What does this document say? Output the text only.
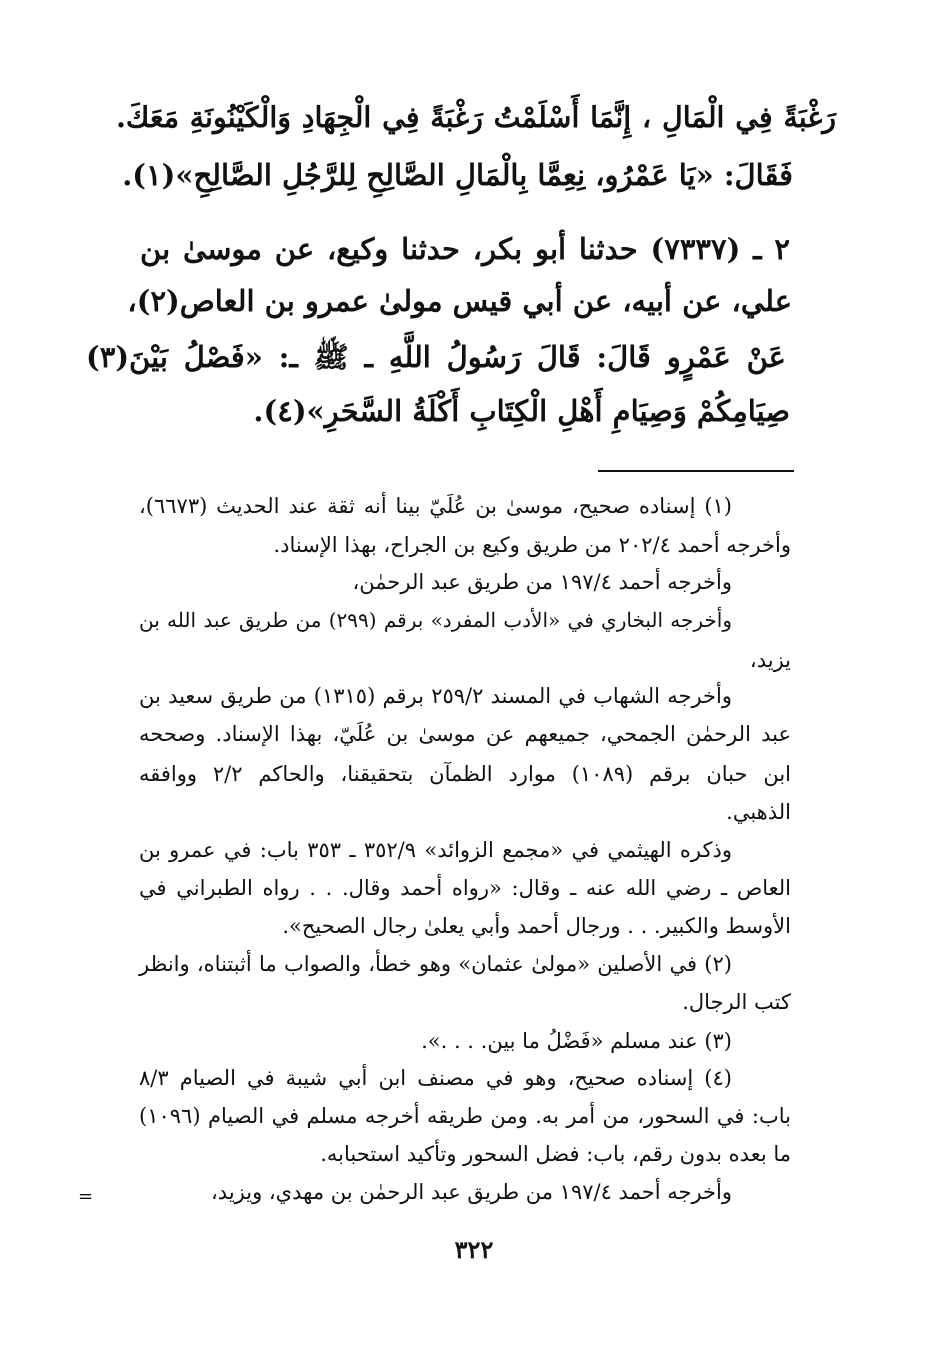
رَغْبَةً فِي الْمَالِ ، إِنَّمَا أَسْلَمْتُ رَغْبَةً فِي الْجِهَادِ وَالْكَيْنُونَةِ مَعَكَ.
فَقَالَ: «يَا عَمْرُو، نِعِمَّا بِالْمَالِ الصَّالِحِ لِلرَّجُلِ الصَّالِحِ»(١).
٢ ـ (٧٣٣٧) حدثنا أبو بكر، حدثنا وكيع، عن موسىٰ بن
علي، عن أبيه، عن أبي قيس مولىٰ عمرو بن العاص(٢)،
عَنْ عَمْرٍو قَالَ: قَالَ رَسُولُ اللَّهِ ـ ﷺ ـ: «فَصْلُ بَيْنَ(٣)
صِيَامِكُمْ وَصِيَامِ أَهْلِ الْكِتَابِ أَكْلَةُ السَّحَرِ»(٤).
(١) إسناده صحيح، موسىٰ بن عُلَيّ بينا أنه ثقة عند الحديث (٦٦٧٣)،
وأخرجه أحمد ٢٠٢/٤ من طريق وكيع بن الجراح، بهذا الإسناد.
وأخرجه أحمد ١٩٧/٤ من طريق عبد الرحمٰن،
وأخرجه البخاري في «الأدب المفرد» برقم (٢٩٩) من طريق عبد الله بن
يزيد،
وأخرجه الشهاب في المسند ٢٥٩/٢ برقم (١٣١٥) من طريق سعيد بن
عبد الرحمٰن الجمحي، جميعهم عن موسىٰ بن عُلَيّ، بهذا الإسناد. وصححه
ابن حبان برقم (١٠٨٩) موارد الظمآن بتحقيقنا، والحاكم ٢/٢ ووافقه
الذهبي.
وذكره الهيثمي في «مجمع الزوائد» ٣٥٢/٩ ـ ٣٥٣ باب: في عمرو بن
العاص ـ رضي الله عنه ـ وقال: «رواه أحمد وقال. . . رواه الطبراني في
الأوسط والكبير. . . ورجال أحمد وأبي يعلىٰ رجال الصحيح».
(٢) في الأصلين «مولىٰ عثمان» وهو خطأ، والصواب ما أثبتناه، وانظر
كتب الرجال.
(٣) عند مسلم «فَضْلُ ما بين. . . .».
(٤) إسناده صحيح، وهو في مصنف ابن أبي شيبة في الصيام ٨/٣
باب: في السحور، من أمر به. ومن طريقه أخرجه مسلم في الصيام (١٠٩٦)
ما بعده بدون رقم، باب: فضل السحور وتأكيد استحبابه.
وأخرجه أحمد ١٩٧/٤ من طريق عبد الرحمٰن بن مهدي، ويزيد،
=
٣٢٢
